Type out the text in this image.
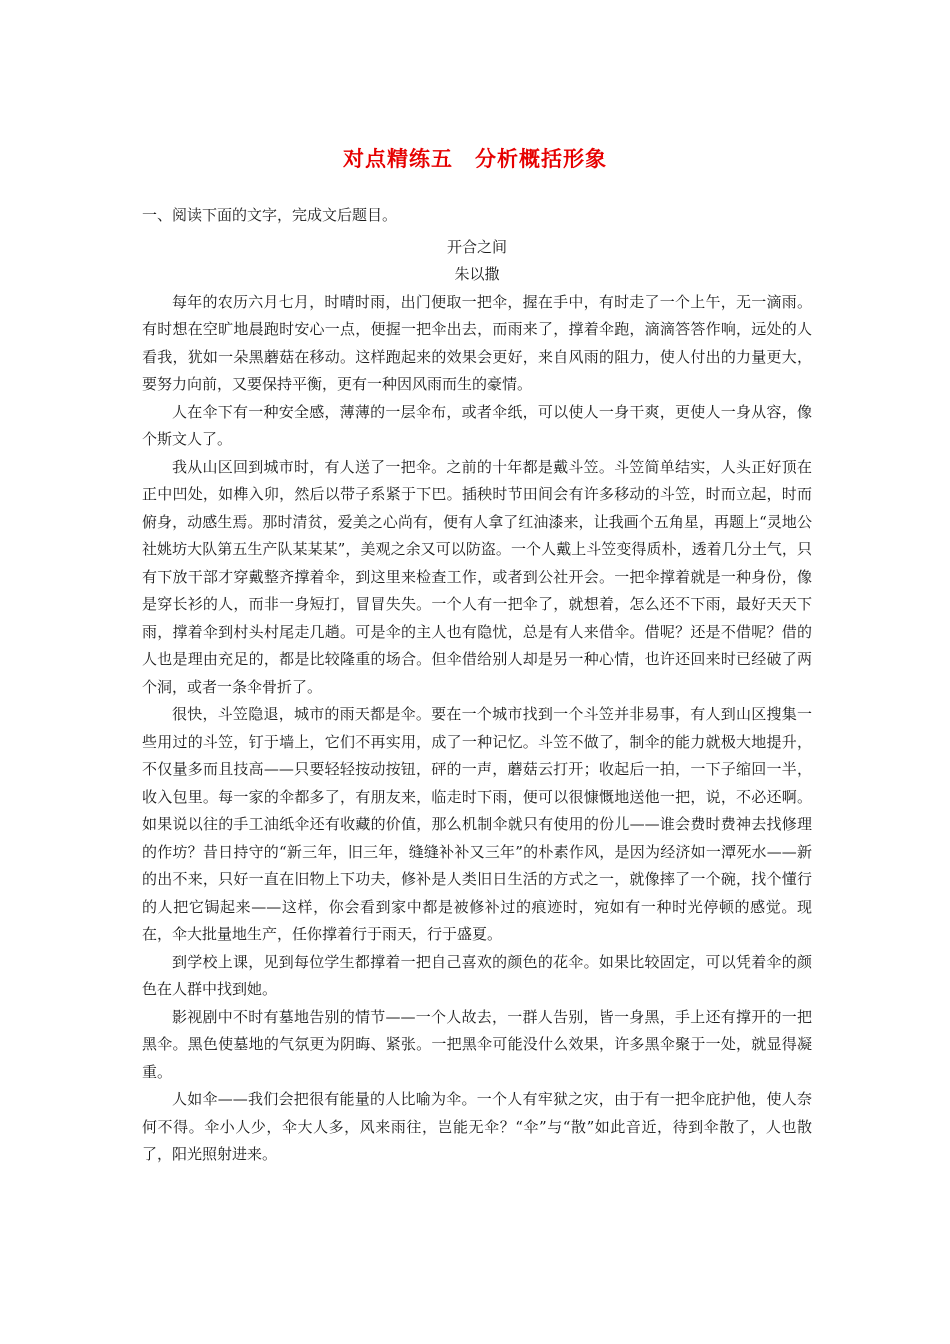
对点精练五　分析概括形象

一、阅读下面的文字，完成文后题目。

开合之间

朱以撒

每年的农历六月七月，时晴时雨，出门便取一把伞，握在手中，有时走了一个上午，无一滴雨。有时想在空旷地晨跑时安心一点，便握一把伞出去，而雨来了，撑着伞跑，滴滴答答作响，远处的人看我，犹如一朵黑蘑菇在移动。这样跑起来的效果会更好，来自风雨的阻力，使人付出的力量更大，要努力向前，又要保持平衡，更有一种因风雨而生的豪情。

人在伞下有一种安全感，薄薄的一层伞布，或者伞纸，可以使人一身干爽，更使人一身从容，像个斯文人了。

我从山区回到城市时，有人送了一把伞。之前的十年都是戴斗笠。斗笠简单结实，人头正好顶在正中凹处，如榫入卯，然后以带子系紧于下巴。插秧时节田间会有许多移动的斗笠，时而立起，时而俯身，动感生焉。那时清贫，爱美之心尚有，便有人拿了红油漆来，让我画个五角星，再题上“灵地公社姚坊大队第五生产队某某某”，美观之余又可以防盗。一个人戴上斗笠变得质朴，透着几分土气，只有下放干部才穿戴整齐撑着伞，到这里来检查工作，或者到公社开会。一把伞撑着就是一种身份，像是穿长衫的人，而非一身短打，冒冒失失。一个人有一把伞了，就想着，怎么还不下雨，最好天天下雨，撑着伞到村头村尾走几趟。可是伞的主人也有隐忧，总是有人来借伞。借呢？还是不借呢？借的人也是理由充足的，都是比较隆重的场合。但伞借给别人却是另一种心情，也许还回来时已经破了两个洞，或者一条伞骨折了。

很快，斗笠隐退，城市的雨天都是伞。要在一个城市找到一个斗笠并非易事，有人到山区搜集一些用过的斗笠，钉于墙上，它们不再实用，成了一种记忆。斗笠不做了，制伞的能力就极大地提升，不仅量多而且技高——只要轻轻按动按钮，砰的一声，蘑菇云打开；收起后一拍，一下子缩回一半，收入包里。每一家的伞都多了，有朋友来，临走时下雨，便可以很慷慨地送他一把，说，不必还啊。如果说以往的手工油纸伞还有收藏的价值，那么机制伞就只有使用的份儿——谁会费时费神去找修理的作坊？昔日持守的“新三年，旧三年，缝缝补补又三年”的朴素作风，是因为经济如一潭死水——新的出不来，只好一直在旧物上下功夫，修补是人类旧日生活的方式之一，就像摔了一个碗，找个懂行的人把它锔起来——这样，你会看到家中都是被修补过的痕迹时，宛如有一种时光停顿的感觉。现在，伞大批量地生产，任你撑着行于雨天，行于盛夏。

到学校上课，见到每位学生都撑着一把自己喜欢的颜色的花伞。如果比较固定，可以凭着伞的颜色在人群中找到她。

影视剧中不时有墓地告别的情节——一个人故去，一群人告别，皆一身黑，手上还有撑开的一把黑伞。黑色使墓地的气氛更为阴晦、紧张。一把黑伞可能没什么效果，许多黑伞聚于一处，就显得凝重。

人如伞——我们会把很有能量的人比喻为伞。一个人有牢狱之灾，由于有一把伞庇护他，使人奈何不得。伞小人少，伞大人多，风来雨往，岂能无伞？“伞”与“散”如此音近，待到伞散了，人也散了，阳光照射进来。
